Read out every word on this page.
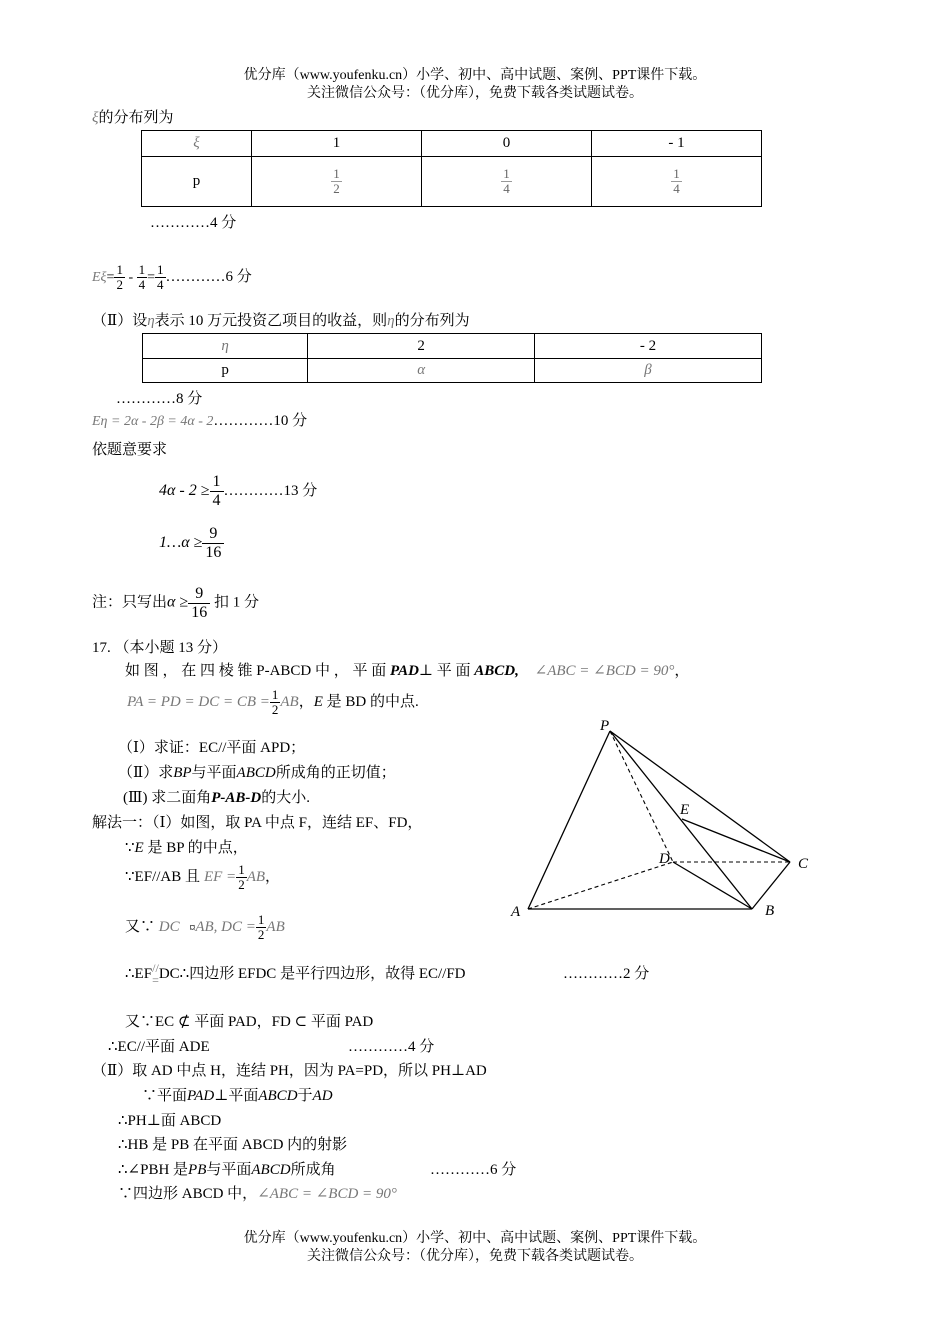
优分库（www.youfenku.cn）小学、初中、高中试题、案例、PPT课件下载。
关注微信公众号：（优分库），免费下载各类试题试卷。
ξ的分布列为
ξ	1	0	- 1
p	$\frac{1}{2}$	$\frac{1}{4}$	$\frac{1}{4}$
…………4 分
$E\xi= \frac{1}{2} - \frac{1}{4} = \frac{1}{4}$ …………6 分
（Ⅱ）设η表示 10 万元投资乙项目的收益，则η的分布列为
η	2	- 2
p	α	β
…………8 分
Eη = 2α - 2β = 4α - 2…………10 分
依题意要求
$4\alpha - 2 \ge \frac{1}{4}$ …………13 分
1…α ≥ $\frac{9}{16}$
注：只写出$\alpha \ge \frac{9}{16}$ 扣 1 分
17. （本小题 13 分）
如 图 ， 在 四 棱 锥 P-ABCD 中 ， 平 面 PAD⊥ 平 面 ABCD, ∠ABC = ∠BCD = 90°，
PA = PD = DC = CB = $\frac{1}{2}$ AB，E 是 BD 的中点.
（Ⅰ）求证：EC//平面 APD；
（Ⅱ）求BP与平面ABCD所成角的正切值；
(Ⅲ) 求二面角P-AB-D的大小.
解法一：（Ⅰ）如图，取 PA 中点 F，连结 EF、FD，
∵E 是 BP 的中点，
∵EF//AB 且 EF = $\frac{1}{2}$ AB，
又∵ DC ¤AB, DC = $\frac{1}{2}$ AB
∴EF //
= DC∴四边形 EFDC 是平行四边形，故得 EC//FD	…………2 分
又∵EC ⊄ 平面 PAD，FD ⊂ 平面 PAD
∴EC//平面 ADE	…………4 分
（Ⅱ）取 AD 中点 H，连结 PH，因为 PA=PD，所以 PH⊥AD
∵平面PAD⊥平面ABCD于AD
∴PH⊥面 ABCD
∴HB 是 PB 在平面 ABCD 内的射影
∴∠PBH 是PB与平面ABCD所成角	…………6 分
∵四边形 ABCD 中，∠ABC = ∠BCD = 90°
P
A	B
C
D
E
优分库（www.youfenku.cn）小学、初中、高中试题、案例、PPT课件下载。
关注微信公众号：（优分库），免费下载各类试题试卷。
